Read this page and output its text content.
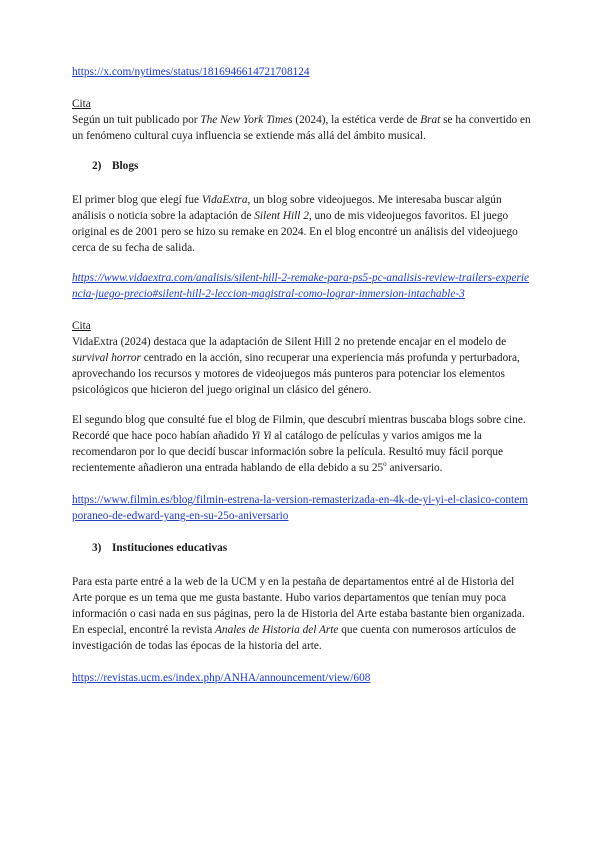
https://x.com/nytimes/status/1816946614721708124

Cita

Según un tuit publicado por The New York Times (2024), la estética verde de Brat se ha convertido en un fenómeno cultural cuya influencia se extiende más allá del ámbito musical.

2) Blogs

El primer blog que elegí fue VidaExtra, un blog sobre videojuegos. Me interesaba buscar algún análisis o noticia sobre la adaptación de Silent Hill 2, uno de mis videojuegos favoritos. El juego original es de 2001 pero se hizo su remake en 2024. En el blog encontré un análisis del videojuego cerca de su fecha de salida.

https://www.vidaextra.com/analisis/silent-hill-2-remake-para-ps5-pc-analisis-review-trailers-experiencia-juego-precio#silent-hill-2-leccion-magistral-como-lograr-inmersion-intachable-3

Cita

VidaExtra (2024) destaca que la adaptación de Silent Hill 2 no pretende encajar en el modelo de survival horror centrado en la acción, sino recuperar una experiencia más profunda y perturbadora, aprovechando los recursos y motores de videojuegos más punteros para potenciar los elementos psicológicos que hicieron del juego original un clásico del género.

El segundo blog que consulté fue el blog de Filmin, que descubrí mientras buscaba blogs sobre cine. Recordé que hace poco habían añadido Yi Yi al catálogo de películas y varios amigos me la recomendaron por lo que decidí buscar información sobre la película. Resultó muy fácil porque recientemente añadieron una entrada hablando de ella debido a su 25$^o$ aniversario.

https://www.filmin.es/blog/filmin-estrena-la-version-remasterizada-en-4k-de-yi-yi-el-clasico-contemporaneo-de-edward-yang-en-su-25o-aniversario

3) Instituciones educativas

Para esta parte entré a la web de la UCM y en la pestaña de departamentos entré al de Historia del Arte porque es un tema que me gusta bastante. Hubo varios departamentos que tenían muy poca información o casi nada en sus páginas, pero la de Historia del Arte estaba bastante bien organizada. En especial, encontré la revista Anales de Historia del Arte que cuenta con numerosos artículos de investigación de todas las épocas de la historia del arte.

https://revistas.ucm.es/index.php/ANHA/announcement/view/608
